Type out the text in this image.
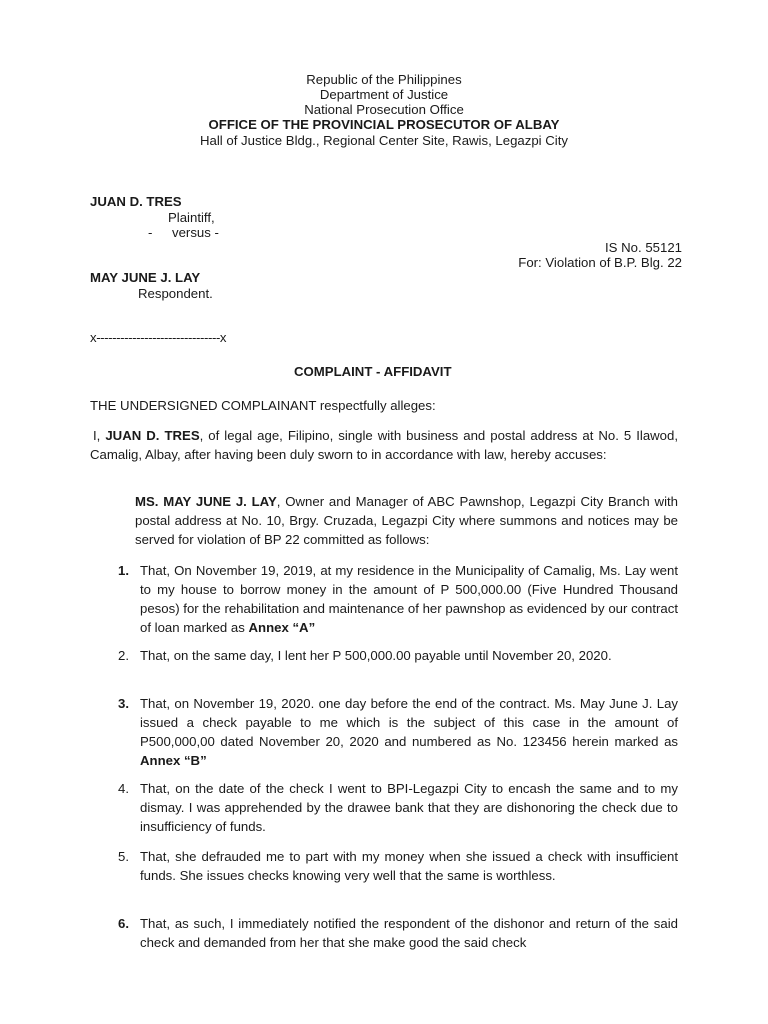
Republic of the Philippines
Department of Justice
National Prosecution Office
OFFICE OF THE PROVINCIAL PROSECUTOR OF ALBAY
Hall of Justice Bldg., Regional Center Site, Rawis, Legazpi City
JUAN D. TRES
Plaintiff,
- versus -
IS No. 55121
For: Violation of B.P. Blg. 22
MAY JUNE J. LAY
Respondent.
x-------------------------------x
COMPLAINT - AFFIDAVIT
THE UNDERSIGNED COMPLAINANT respectfully alleges:
I, JUAN D. TRES, of legal age, Filipino, single with business and postal address at No. 5 Ilawod, Camalig, Albay, after having been duly sworn to in accordance with law, hereby accuses:
MS. MAY JUNE J. LAY, Owner and Manager of ABC Pawnshop, Legazpi City Branch with postal address at No. 10, Brgy. Cruzada, Legazpi City where summons and notices may be served for violation of BP 22 committed as follows:
1. That, On November 19, 2019, at my residence in the Municipality of Camalig, Ms. Lay went to my house to borrow money in the amount of P 500,000.00 (Five Hundred Thousand pesos) for the rehabilitation and maintenance of her pawnshop as evidenced by our contract of loan marked as Annex “A”
2. That, on the same day, I lent her P 500,000.00 payable until November 20, 2020.
3. That, on November 19, 2020. one day before the end of the contract. Ms. May June J. Lay issued a check payable to me which is the subject of this case in the amount of P500,000,00 dated November 20, 2020 and numbered as No. 123456 herein marked as Annex “B”
4. That, on the date of the check I went to BPI-Legazpi City to encash the same and to my dismay. I was apprehended by the drawee bank that they are dishonoring the check due to insufficiency of funds.
5. That, she defrauded me to part with my money when she issued a check with insufficient funds. She issues checks knowing very well that the same is worthless.
6. That, as such, I immediately notified the respondent of the dishonor and return of the said check and demanded from her that she make good the said check
